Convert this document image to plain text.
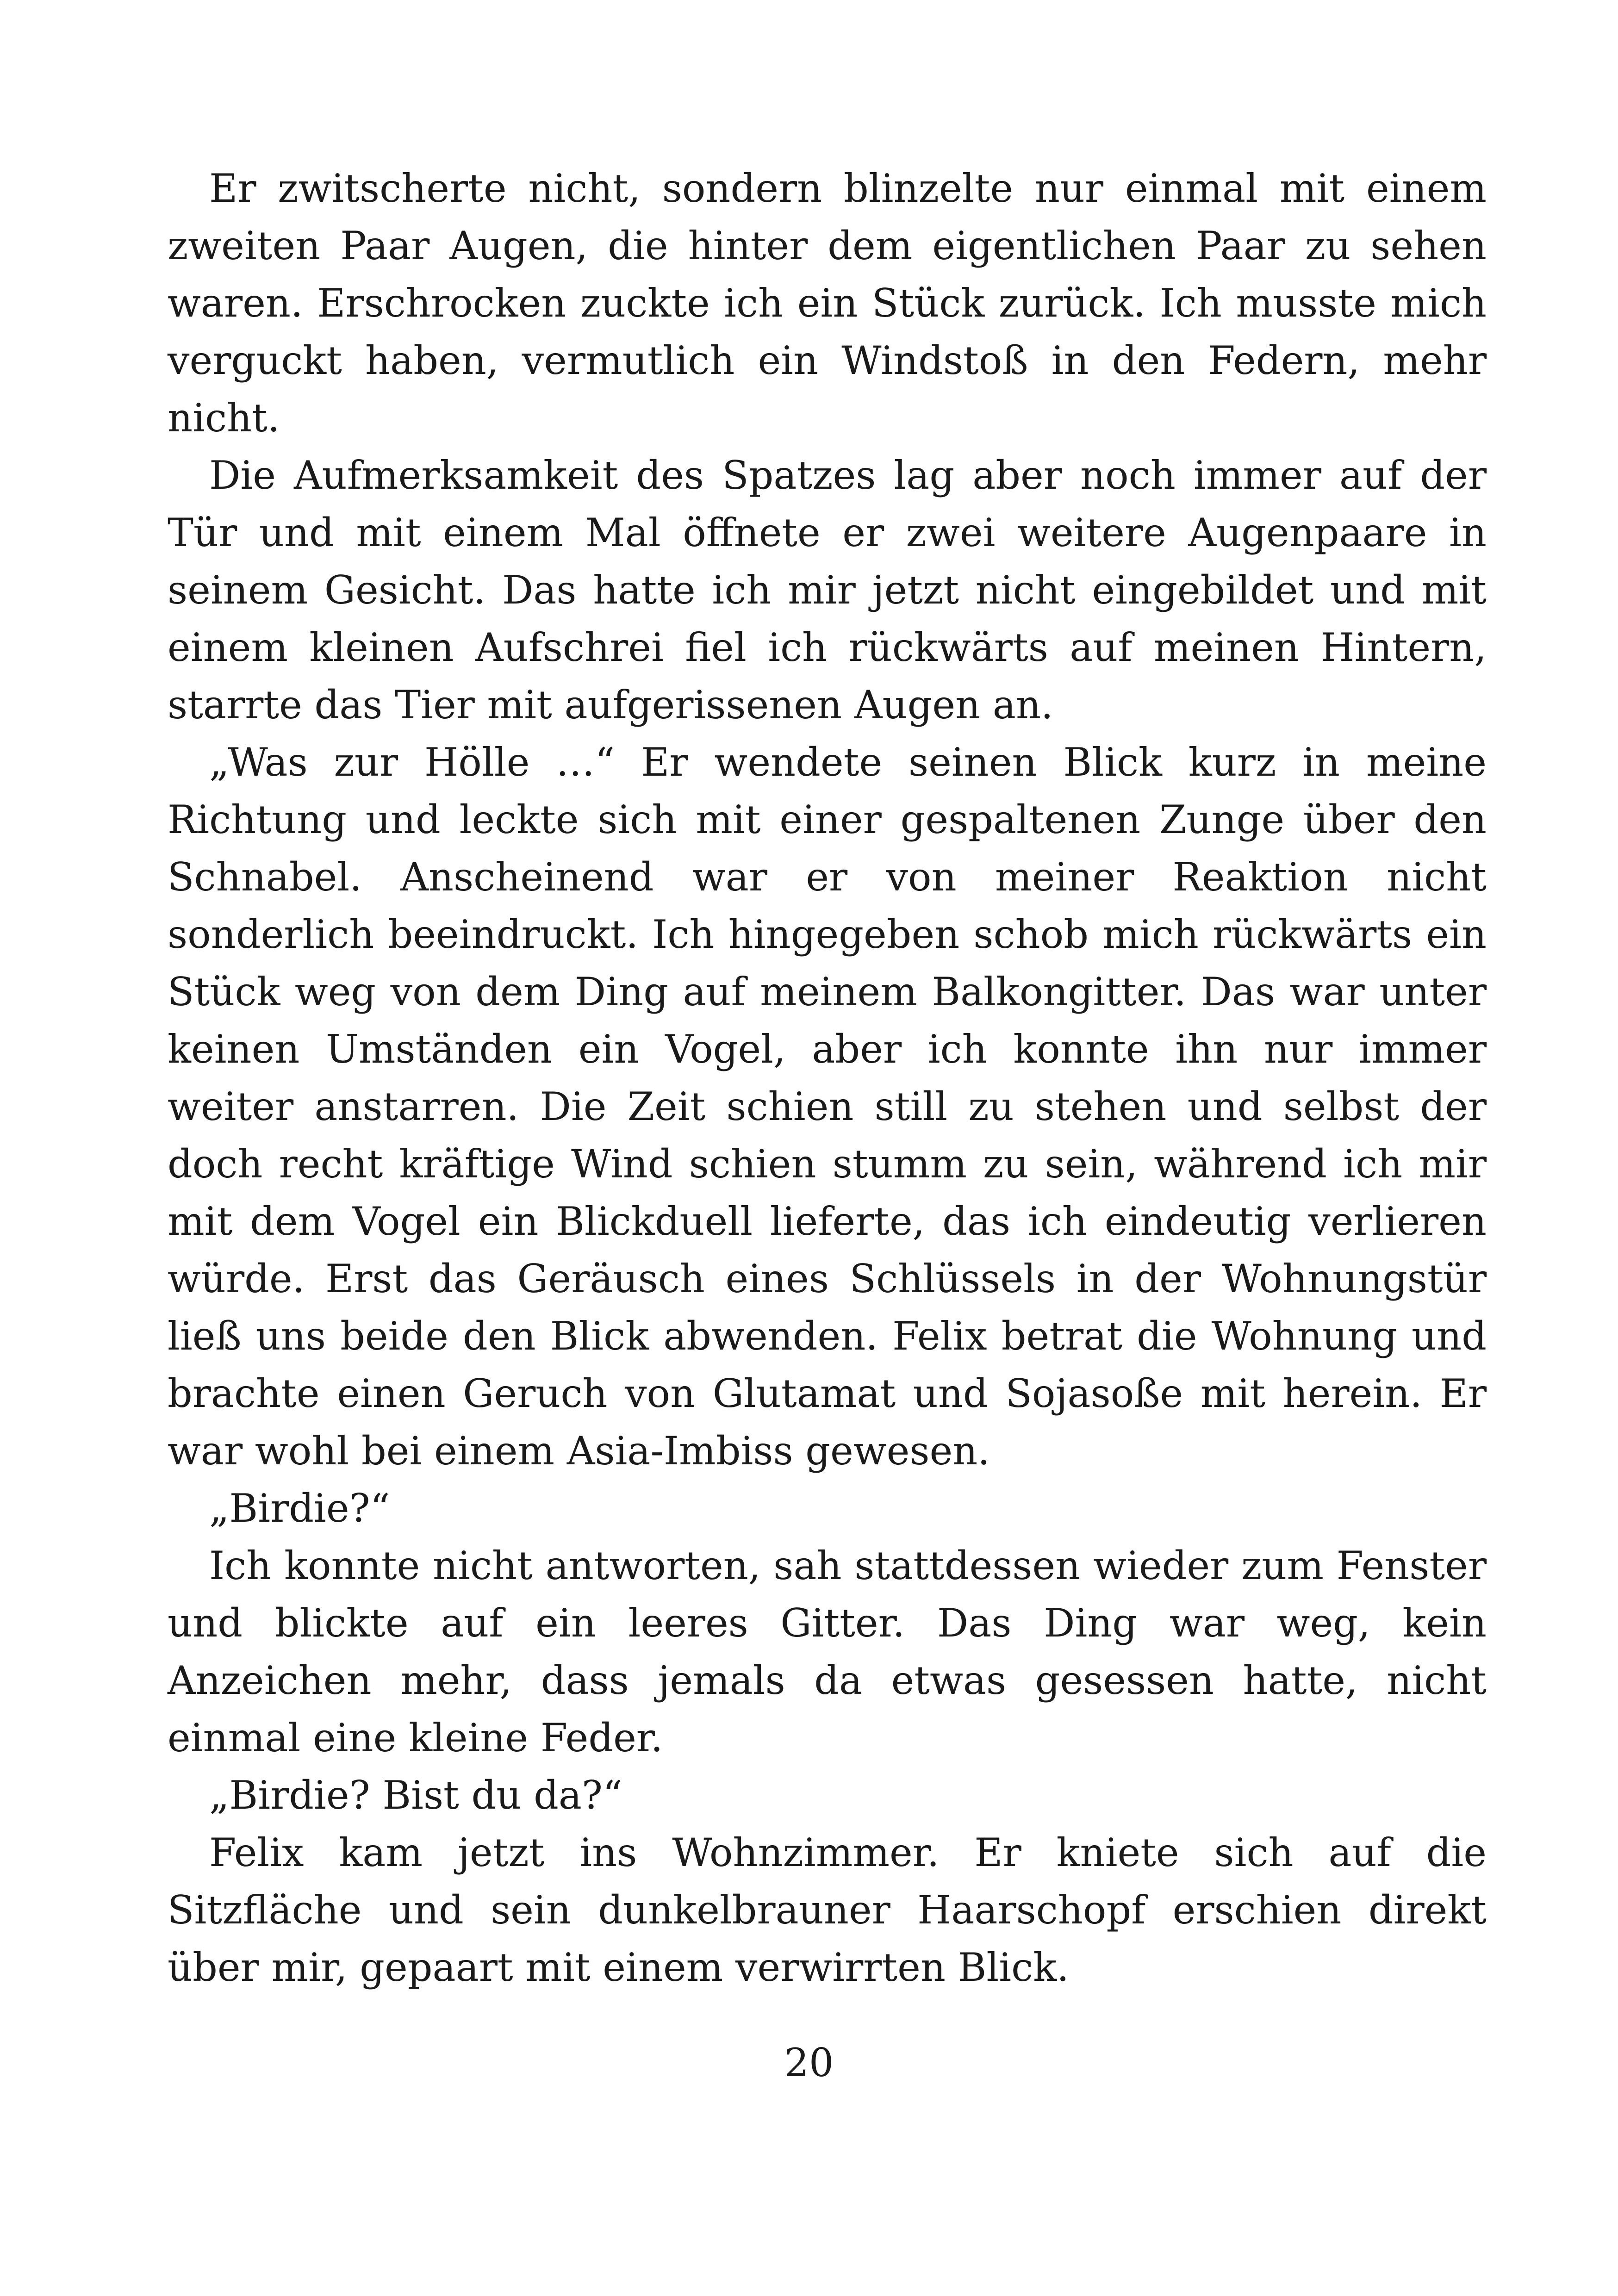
Er zwitscherte nicht, sondern blinzelte nur einmal mit einem zweiten Paar Augen, die hinter dem eigentlichen Paar zu sehen waren. Erschrocken zuckte ich ein Stück zurück. Ich musste mich verguckt haben, vermutlich ein Windstoß in den Federn, mehr nicht.

Die Aufmerksamkeit des Spatzes lag aber noch immer auf der Tür und mit einem Mal öffnete er zwei weitere Augenpaare in seinem Gesicht. Das hatte ich mir jetzt nicht eingebildet und mit einem kleinen Aufschrei fiel ich rückwärts auf meinen Hintern, starrte das Tier mit aufgerissenen Augen an.

„Was zur Hölle …“ Er wendete seinen Blick kurz in meine Richtung und leckte sich mit einer gespaltenen Zunge über den Schnabel. Anscheinend war er von meiner Reaktion nicht sonderlich beeindruckt. Ich hingegeben schob mich rückwärts ein Stück weg von dem Ding auf meinem Balkongitter. Das war unter keinen Umständen ein Vogel, aber ich konnte ihn nur immer weiter anstarren. Die Zeit schien still zu stehen und selbst der doch recht kräftige Wind schien stumm zu sein, während ich mir mit dem Vogel ein Blickduell lieferte, das ich eindeutig verlieren würde. Erst das Geräusch eines Schlüssels in der Wohnungstür ließ uns beide den Blick abwenden. Felix betrat die Wohnung und brachte einen Geruch von Glutamat und Sojasoße mit herein. Er war wohl bei einem Asia-Imbiss gewesen.

„Birdie?“

Ich konnte nicht antworten, sah stattdessen wieder zum Fenster und blickte auf ein leeres Gitter. Das Ding war weg, kein Anzeichen mehr, dass jemals da etwas gesessen hatte, nicht einmal eine kleine Feder.

„Birdie? Bist du da?“

Felix kam jetzt ins Wohnzimmer. Er kniete sich auf die Sitzfläche und sein dunkelbrauner Haarschopf erschien direkt über mir, gepaart mit einem verwirrten Blick.

20
